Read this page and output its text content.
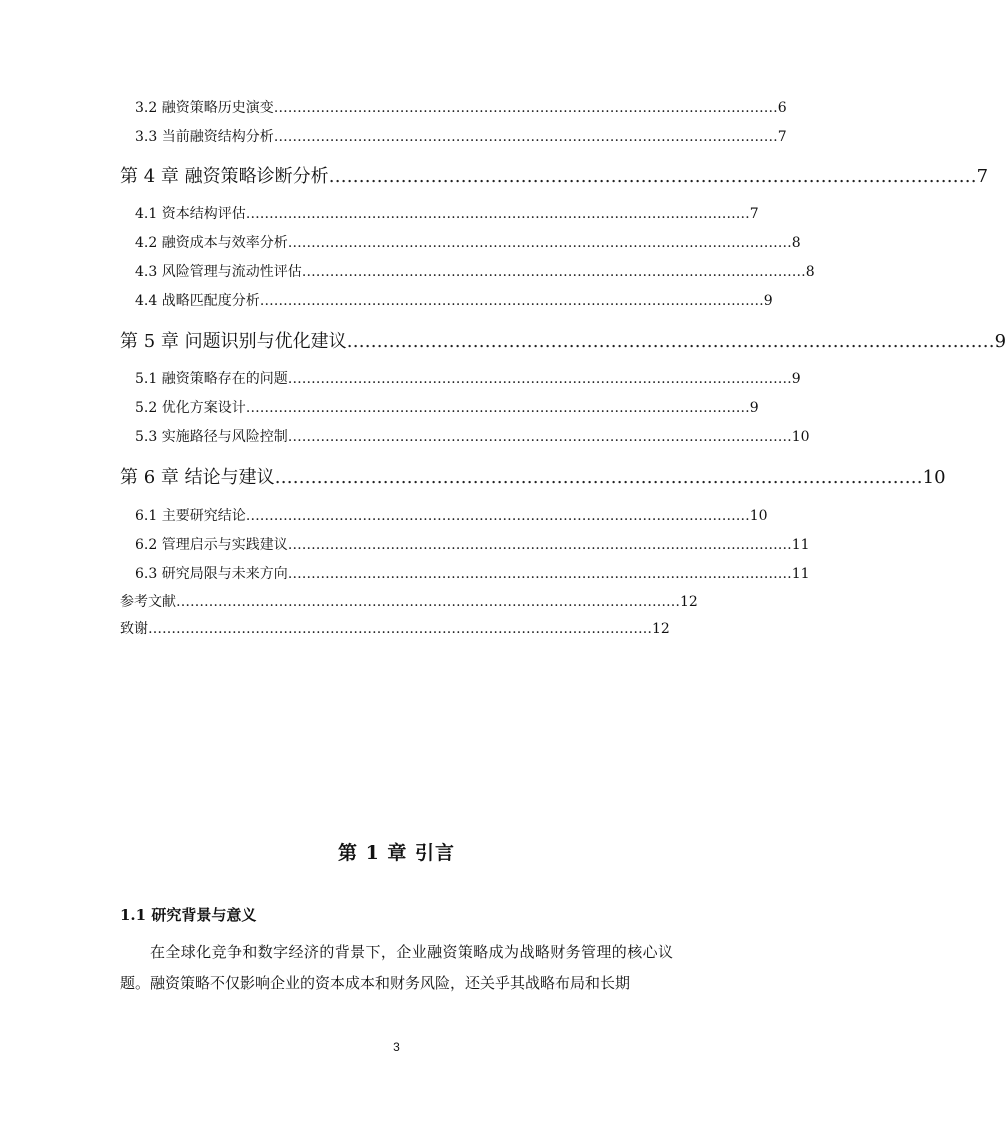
3.2 融资策略历史演变 ……………………………………………………………………………………………… 6
3.3 当前融资结构分析 ……………………………………………………………………………………………… 7
第 4 章 融资策略诊断分析 ……………………………………………………………………………………………… 7
4.1 资本结构评估 ……………………………………………………………………………………………… 7
4.2 融资成本与效率分析 ……………………………………………………………………………………………… 8
4.3 风险管理与流动性评估 ……………………………………………………………………………………………… 8
4.4 战略匹配度分析 ……………………………………………………………………………………………… 9
第 5 章 问题识别与优化建议 ……………………………………………………………………………………………… 9
5.1 融资策略存在的问题 ……………………………………………………………………………………………… 9
5.2 优化方案设计 ……………………………………………………………………………………………… 9
5.3 实施路径与风险控制 ……………………………………………………………………………………………… 10
第 6 章 结论与建议 ……………………………………………………………………………………………… 10
6.1 主要研究结论 ……………………………………………………………………………………………… 10
6.2 管理启示与实践建议 ……………………………………………………………………………………………… 11
6.3 研究局限与未来方向 ……………………………………………………………………………………………… 11
参考文献 ……………………………………………………………………………………………… 12
致谢 ……………………………………………………………………………………………… 12
第 1 章 引言
1.1 研究背景与意义
在全球化竞争和数字经济的背景下，企业融资策略成为战略财务管理的核心议题。融资策略不仅影响企业的资本成本和财务风险，还关乎其战略布局和长期
3
